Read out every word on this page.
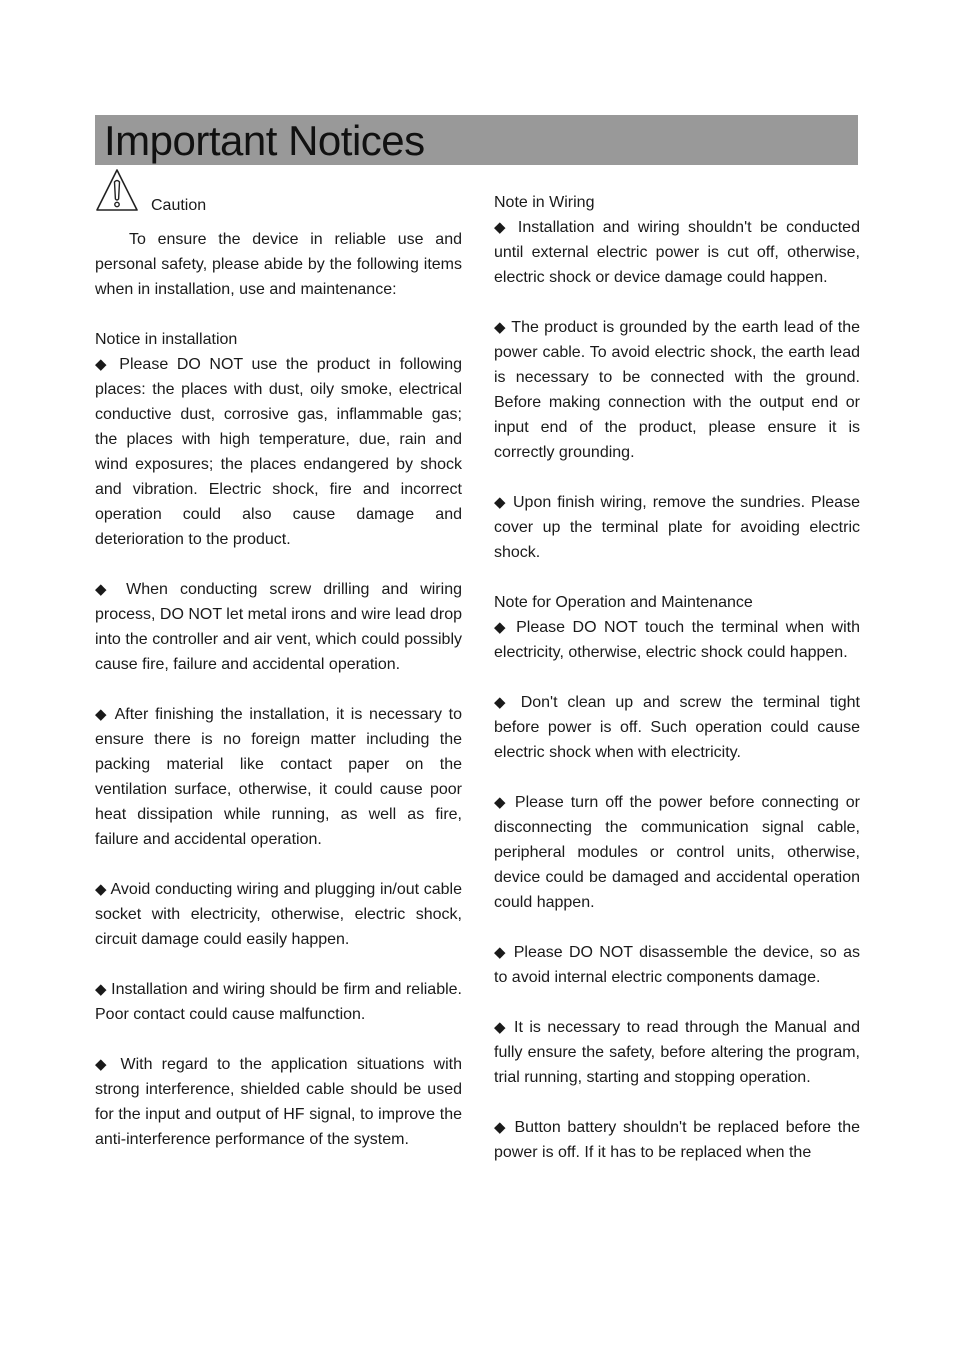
Important Notices
Caution

To ensure the device in reliable use and personal safety, please abide by the following items when in installation, use and maintenance:

Notice in installation

◆ Please DO NOT use the product in following places: the places with dust, oily smoke, electrical conductive dust, corrosive gas, inflammable gas; the places with high temperature, due, rain and wind exposures; the places endangered by shock and vibration. Electric shock, fire and incorrect operation could also cause damage and deterioration to the product.

◆ When conducting screw drilling and wiring process, DO NOT let metal irons and wire lead drop into the controller and air vent, which could possibly cause fire, failure and accidental operation.

◆ After finishing the installation, it is necessary to ensure there is no foreign matter including the packing material like contact paper on the ventilation surface, otherwise, it could cause poor heat dissipation while running, as well as fire, failure and accidental operation.

◆ Avoid conducting wiring and plugging in/out cable socket with electricity, otherwise, electric shock, circuit damage could easily happen.

◆ Installation and wiring should be firm and reliable. Poor contact could cause malfunction.

◆ With regard to the application situations with strong interference, shielded cable should be used for the input and output of HF signal, to improve the anti-interference performance of the system.

Note in Wiring

◆ Installation and wiring shouldn't be conducted until external electric power is cut off, otherwise, electric shock or device damage could happen.

◆ The product is grounded by the earth lead of the power cable. To avoid electric shock, the earth lead is necessary to be connected with the ground. Before making connection with the output end or input end of the product, please ensure it is correctly grounding.

◆ Upon finish wiring, remove the sundries. Please cover up the terminal plate for avoiding electric shock.

Note for Operation and Maintenance

◆ Please DO NOT touch the terminal when with electricity, otherwise, electric shock could happen.

◆ Don't clean up and screw the terminal tight before power is off. Such operation could cause electric shock when with electricity.

◆ Please turn off the power before connecting or disconnecting the communication signal cable, peripheral modules or control units, otherwise, device could be damaged and accidental operation could happen.

◆ Please DO NOT disassemble the device, so as to avoid internal electric components damage.

◆ It is necessary to read through the Manual and fully ensure the safety, before altering the program, trial running, starting and stopping operation.

◆ Button battery shouldn't be replaced before the power is off. If it has to be replaced when the
